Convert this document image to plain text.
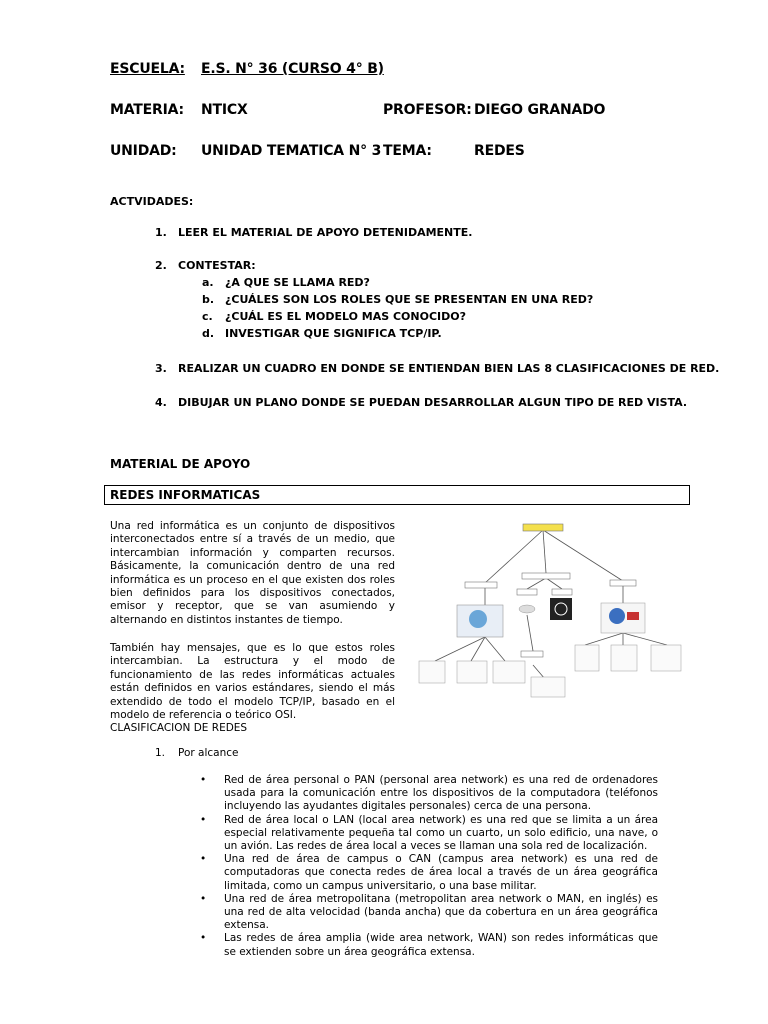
ESCUELA: E.S. N° 36 (CURSO 4° B)
MATERIA: NTICX	PROFESOR: DIEGO GRANADO
UNIDAD: UNIDAD TEMATICA N° 3 TEMA:	REDES
ACTVIDADES:
1. LEER EL MATERIAL DE APOYO DETENIDAMENTE.
2. CONTESTAR:
a. ¿A QUE SE LLAMA RED?
b. ¿CUÁLES SON LOS ROLES QUE SE PRESENTAN EN UNA RED?
c. ¿CUÁL ES EL MODELO MAS CONOCIDO?
d. INVESTIGAR QUE SIGNIFICA TCP/IP.
3. REALIZAR UN CUADRO EN DONDE SE ENTIENDAN BIEN LAS 8 CLASIFICACIONES DE RED.
4. DIBUJAR UN PLANO DONDE SE PUEDAN DESARROLLAR ALGUN TIPO DE RED VISTA.
MATERIAL DE APOYO
REDES INFORMATICAS
Una red informática es un conjunto de dispositivos interconectados entre sí a través de un medio, que intercambian información y comparten recursos. Básicamente, la comunicación dentro de una red informática es un proceso en el que existen dos roles bien definidos para los dispositivos conectados, emisor y receptor, que se van asumiendo y alternando en distintos instantes de tiempo.
También hay mensajes, que es lo que estos roles intercambian. La estructura y el modo de funcionamiento de las redes informáticas actuales están definidos en varios estándares, siendo el más extendido de todo el modelo TCP/IP, basado en el modelo de referencia o teórico OSI.
CLASIFICACION DE REDES
1. Por alcance
• Red de área personal o PAN (personal area network) es una red de ordenadores usada para la comunicación entre los dispositivos de la computadora (teléfonos incluyendo las ayudantes digitales personales) cerca de una persona.
• Red de área local o LAN (local area network) es una red que se limita a un área especial relativamente pequeña tal como un cuarto, un solo edificio, una nave, o un avión. Las redes de área local a veces se llaman una sola red de localización.
• Una red de área de campus o CAN (campus area network) es una red de computadoras que conecta redes de área local a través de un área geográfica limitada, como un campus universitario, o una base militar.
• Una red de área metropolitana (metropolitan area network o MAN, en inglés) es una red de alta velocidad (banda ancha) que da cobertura en un área geográfica extensa.
• Las redes de área amplia (wide area network, WAN) son redes informáticas que se extienden sobre un área geográfica extensa.
